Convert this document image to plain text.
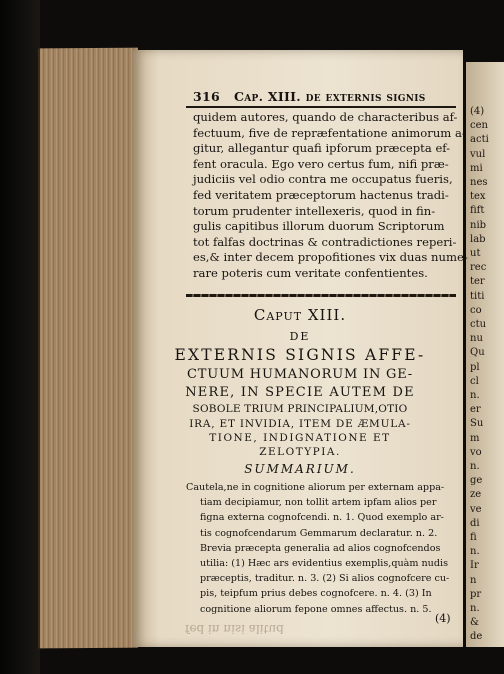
(4)
cen
acti
vul
mi
nes
tex
fift
nib
lab
ut
rec
ter
titi
co
ctu
nu
Qu
pl
cl
n.
er
Su
m
vo
n.
ge
ze
ve
di
fi
n.
Ir
n
pr
n.
&
de
316 Cap. XIII. de externis signis
quidem autores, quando de characteribus af-
fectuum, five de repræfentatione animorum a-
gitur, allegantur quafi ipforum præcepta ef-
fent oracula. Ego vero certus fum, nifi præ-
judiciis vel odio contra me occupatus fueris,
fed veritatem præceptorum hactenus tradi-
torum prudenter intellexeris, quod in fin-
gulis capitibus illorum duorum Scriptorum
tot falfas doctrinas & contradictiones reperi-
es,& inter decem propofitiones vix duas nume-
rare poteris cum veritate confentientes.
Caput XIII.
DE
EXTERNIS SIGNIS AFFE-
CTUUM HUMANORUM IN GE-
NERE, IN SPECIE AUTEM DE
SOBOLE TRIUM PRINCIPALIUM,OTIO
IRA, ET INVIDIA, ITEM DE ÆMULA-
TIONE, INDIGNATIONE ET
ZELOTYPIA.
SUMMARIUM.
Cautela,ne in cognitione aliorum per externam appa-
tiam decipiamur, non tollit artem ipfam alios per
figna externa cognofcendi. n. 1. Quod exemplo ar-
tis cognofcendarum Gemmarum declaratur. n. 2.
Brevia præcepta generalia ad alios cognofcendos
utilia: (1) Hæc ars evidentius exemplis,quàm nudis
præceptis, traditur. n. 3. (2) Si alios cognofcere cu-
pis, teipfum prius debes cognofcere. n. 4. (3) In
cognitione aliorum fepone omnes affectus. n. 5.
(4)
fed in nisi alitud
